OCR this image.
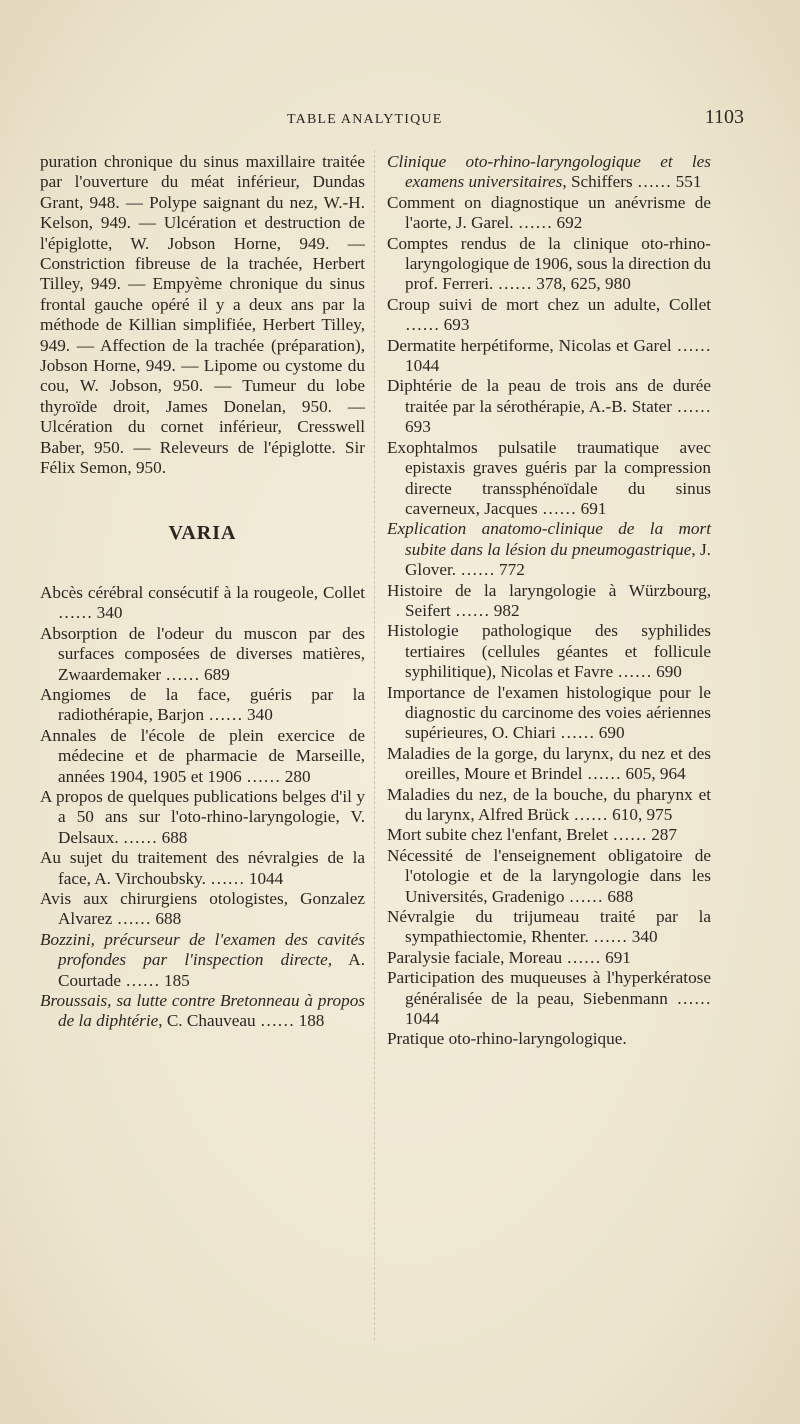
TABLE ANALYTIQUE	1103

puration chronique du sinus maxillaire traitée par l'ouverture du méat inférieur, Dundas Grant, 948. — Polype saignant du nez, W.-H. Kelson, 949. — Ulcération et destruction de l'épiglotte, W. Jobson Horne, 949. — Constriction fibreuse de la trachée, Herbert Tilley, 949. — Empyème chronique du sinus frontal gauche opéré il y a deux ans par la méthode de Killian simplifiée, Herbert Tilley, 949. — Affection de la trachée (préparation), Jobson Horne, 949. — Lipome ou cystome du cou, W. Jobson, 950. — Tumeur du lobe thyroïde droit, James Donelan, 950. — Ulcération du cornet inférieur, Cresswell Baber, 950. — Releveurs de l'épiglotte. Sir Félix Semon, 950.

VARIA

Abcès cérébral consécutif à la rougeole, Collet …… 340

Absorption de l'odeur du muscon par des surfaces composées de diverses matières, Zwaardemaker …… 689

Angiomes de la face, guéris par la radiothérapie, Barjon …… 340

Annales de l'école de plein exercice de médecine et de pharmacie de Marseille, années 1904, 1905 et 1906 …… 280

A propos de quelques publications belges d'il y a 50 ans sur l'oto-rhino-laryngologie, V. Delsaux. …… 688

Au sujet du traitement des névralgies de la face, A. Virchoubsky. …… 1044

Avis aux chirurgiens otologistes, Gonzalez Alvarez …… 688

Bozzini, précurseur de l'examen des cavités profondes par l'inspection directe, A. Courtade …… 185

Broussais, sa lutte contre Bretonneau à propos de la diphtérie, C. Chauveau …… 188

Clinique oto-rhino-laryngologique et les examens universitaires, Schiffers …… 551

Comment on diagnostique un anévrisme de l'aorte, J. Garel. …… 692

Comptes rendus de la clinique oto-rhino-laryngologique de 1906, sous la direction du prof. Ferreri. …… 378, 625, 980

Croup suivi de mort chez un adulte, Collet …… 693

Dermatite herpétiforme, Nicolas et Garel …… 1044

Diphtérie de la peau de trois ans de durée traitée par la sérothérapie, A.-B. Stater …… 693

Exophtalmos pulsatile traumatique avec epistaxis graves guéris par la compression directe transsphénoïdale du sinus caverneux, Jacques …… 691

Explication anatomo-clinique de la mort subite dans la lésion du pneumogastrique, J. Glover. …… 772

Histoire de la laryngologie à Würzbourg, Seifert …… 982

Histologie pathologique des syphilides tertiaires (cellules géantes et follicule syphilitique), Nicolas et Favre …… 690

Importance de l'examen histologique pour le diagnostic du carcinome des voies aériennes supérieures, O. Chiari …… 690

Maladies de la gorge, du larynx, du nez et des oreilles, Moure et Brindel …… 605, 964

Maladies du nez, de la bouche, du pharynx et du larynx, Alfred Brück …… 610, 975

Mort subite chez l'enfant, Brelet …… 287

Nécessité de l'enseignement obligatoire de l'otologie et de la laryngologie dans les Universités, Gradenigo …… 688

Névralgie du trijumeau traité par la sympathiectomie, Rhenter. …… 340

Paralysie faciale, Moreau …… 691

Participation des muqueuses à l'hyperkératose généralisée de la peau, Siebenmann …… 1044

Pratique oto-rhino-laryngologique.
